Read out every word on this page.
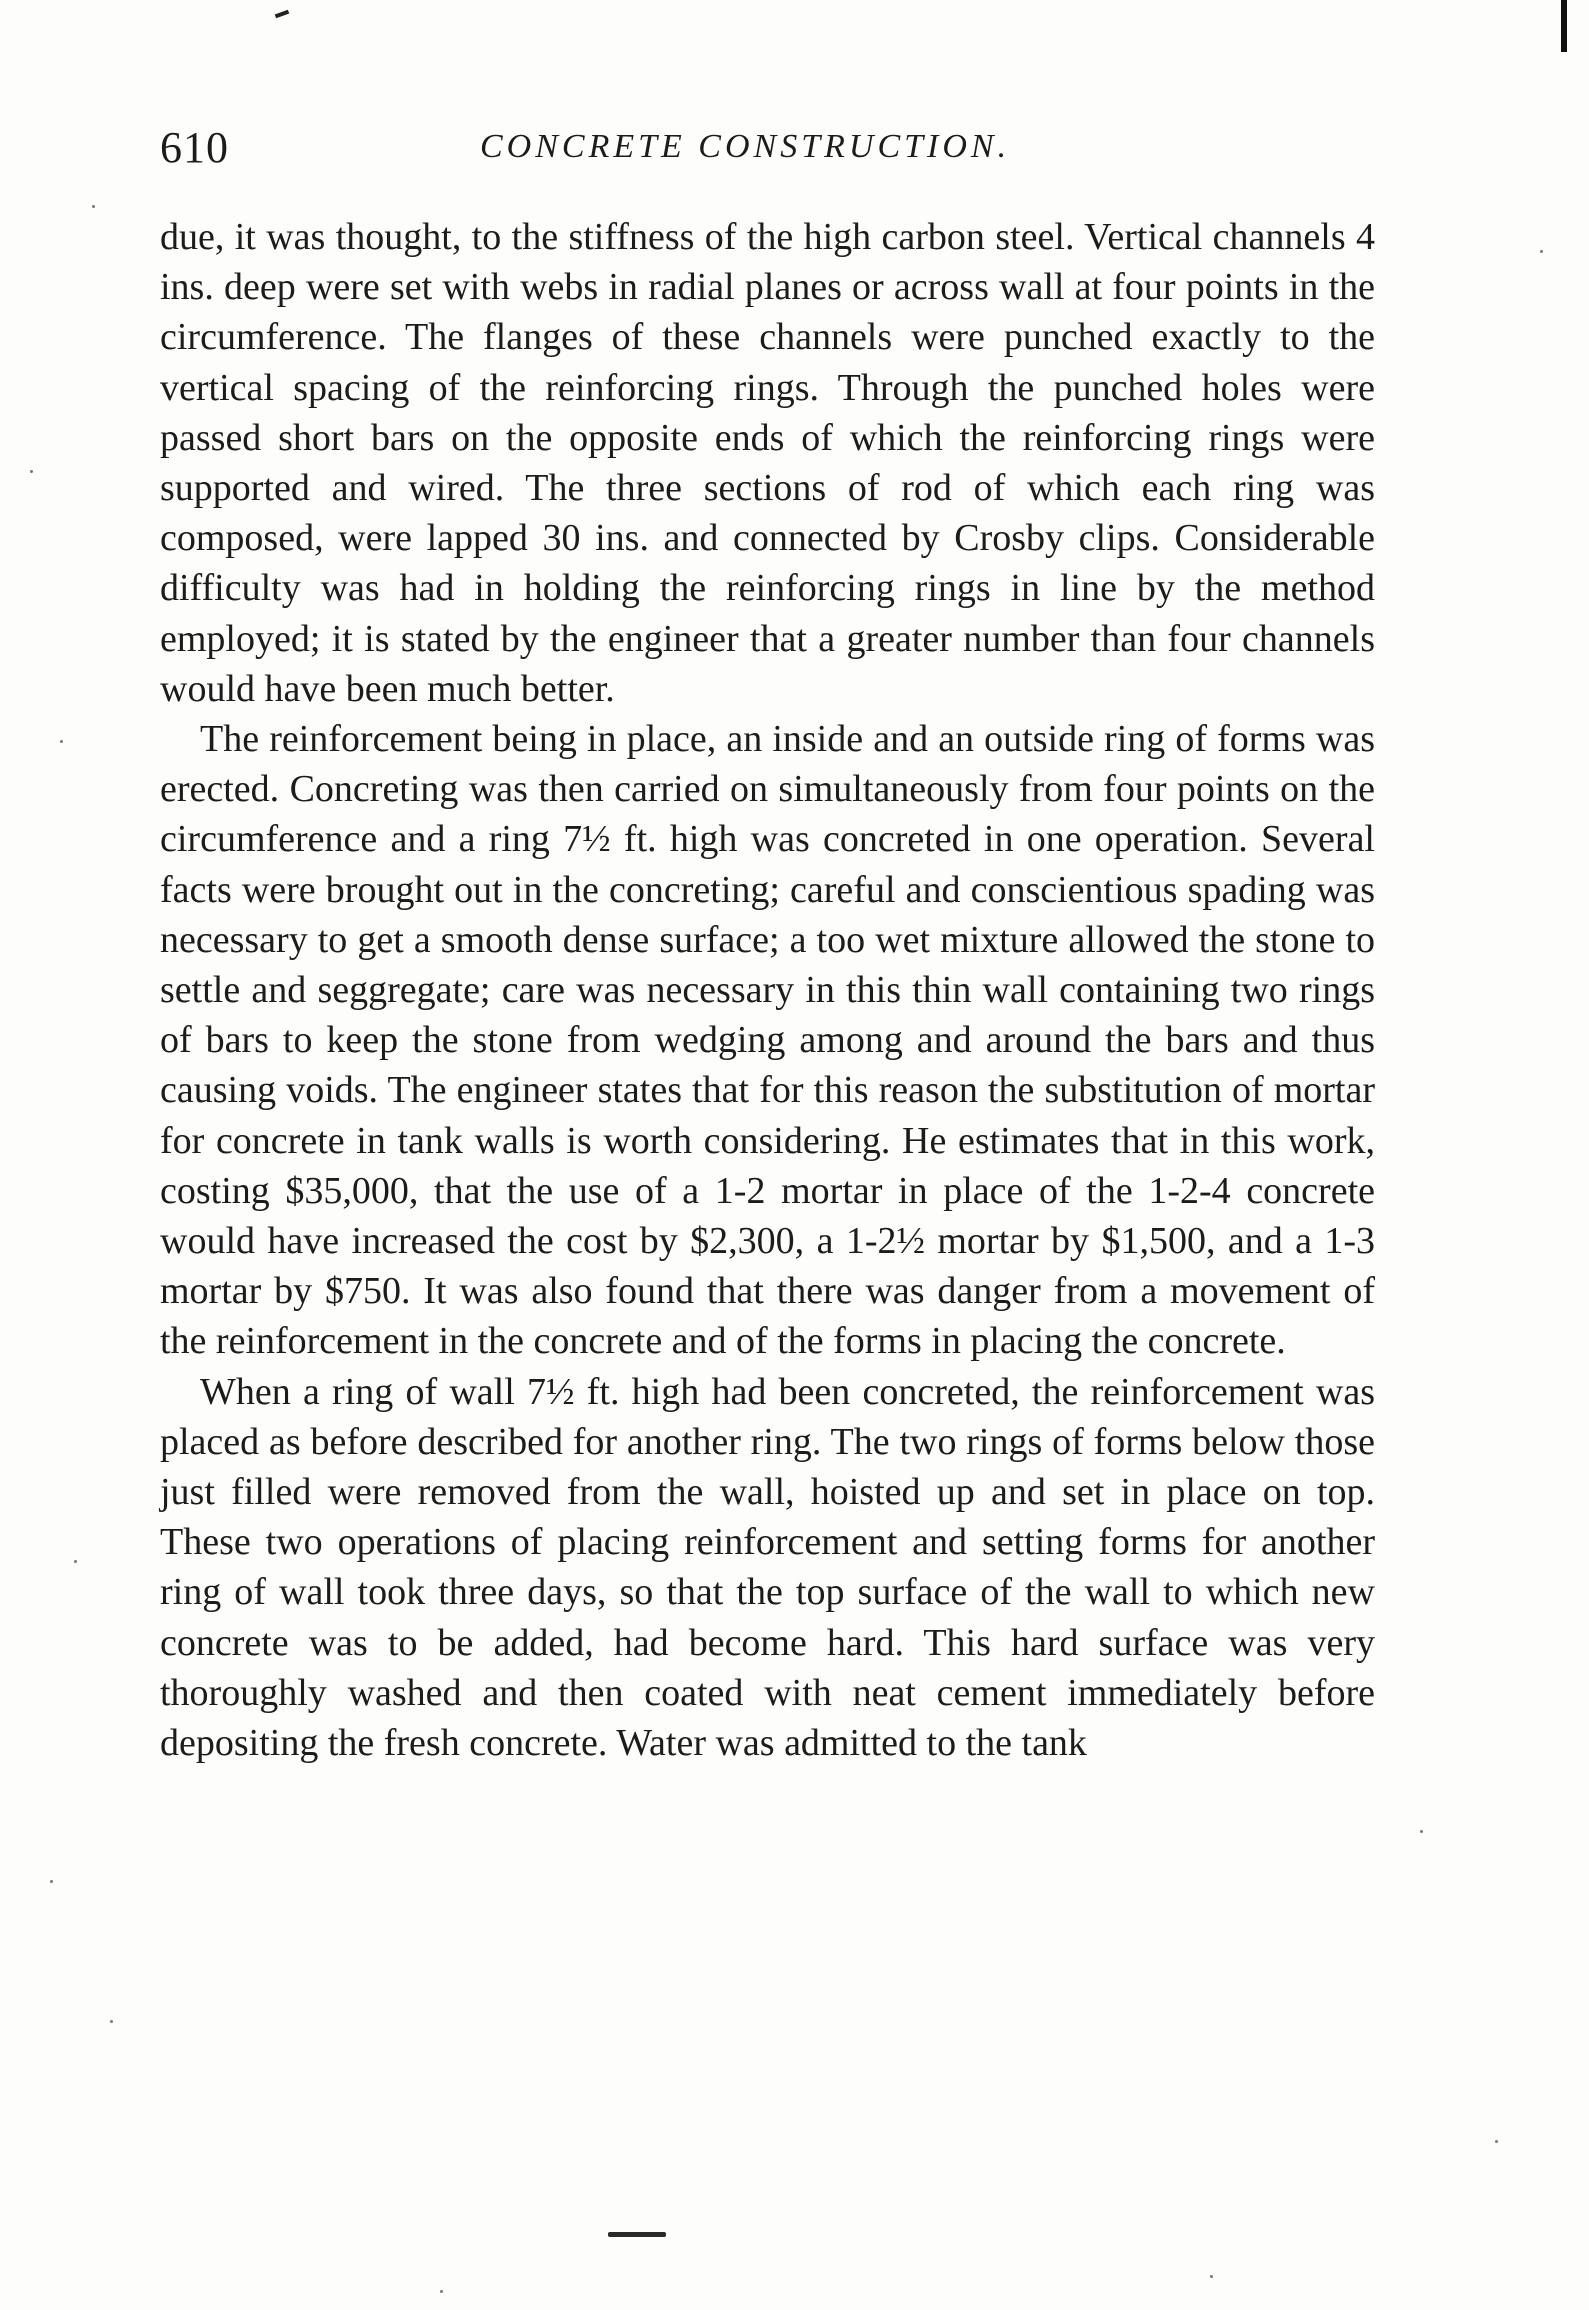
610	CONCRETE CONSTRUCTION.

due, it was thought, to the stiffness of the high carbon steel. Vertical channels 4 ins. deep were set with webs in radial planes or across wall at four points in the circumference. The flanges of these channels were punched exactly to the vertical spacing of the reinforcing rings. Through the punched holes were passed short bars on the opposite ends of which the reinforcing rings were supported and wired. The three sections of rod of which each ring was composed, were lapped 30 ins. and connected by Crosby clips. Considerable difficulty was had in holding the reinforcing rings in line by the method employed; it is stated by the engineer that a greater number than four channels would have been much better.

The reinforcement being in place, an inside and an outside ring of forms was erected. Concreting was then carried on simultaneously from four points on the circumference and a ring 7½ ft. high was concreted in one operation. Several facts were brought out in the concreting; careful and conscientious spading was necessary to get a smooth dense surface; a too wet mixture allowed the stone to settle and seggregate; care was necessary in this thin wall containing two rings of bars to keep the stone from wedging among and around the bars and thus causing voids. The engineer states that for this reason the substitution of mortar for concrete in tank walls is worth considering. He estimates that in this work, costing $35,000, that the use of a 1-2 mortar in place of the 1-2-4 concrete would have increased the cost by $2,300, a 1-2½ mortar by $1,500, and a 1-3 mortar by $750. It was also found that there was danger from a movement of the reinforcement in the concrete and of the forms in placing the concrete.

When a ring of wall 7½ ft. high had been concreted, the reinforcement was placed as before described for another ring. The two rings of forms below those just filled were removed from the wall, hoisted up and set in place on top. These two operations of placing reinforcement and setting forms for another ring of wall took three days, so that the top surface of the wall to which new concrete was to be added, had become hard. This hard surface was very thoroughly washed and then coated with neat cement immediately before depositing the fresh concrete. Water was admitted to the tank
